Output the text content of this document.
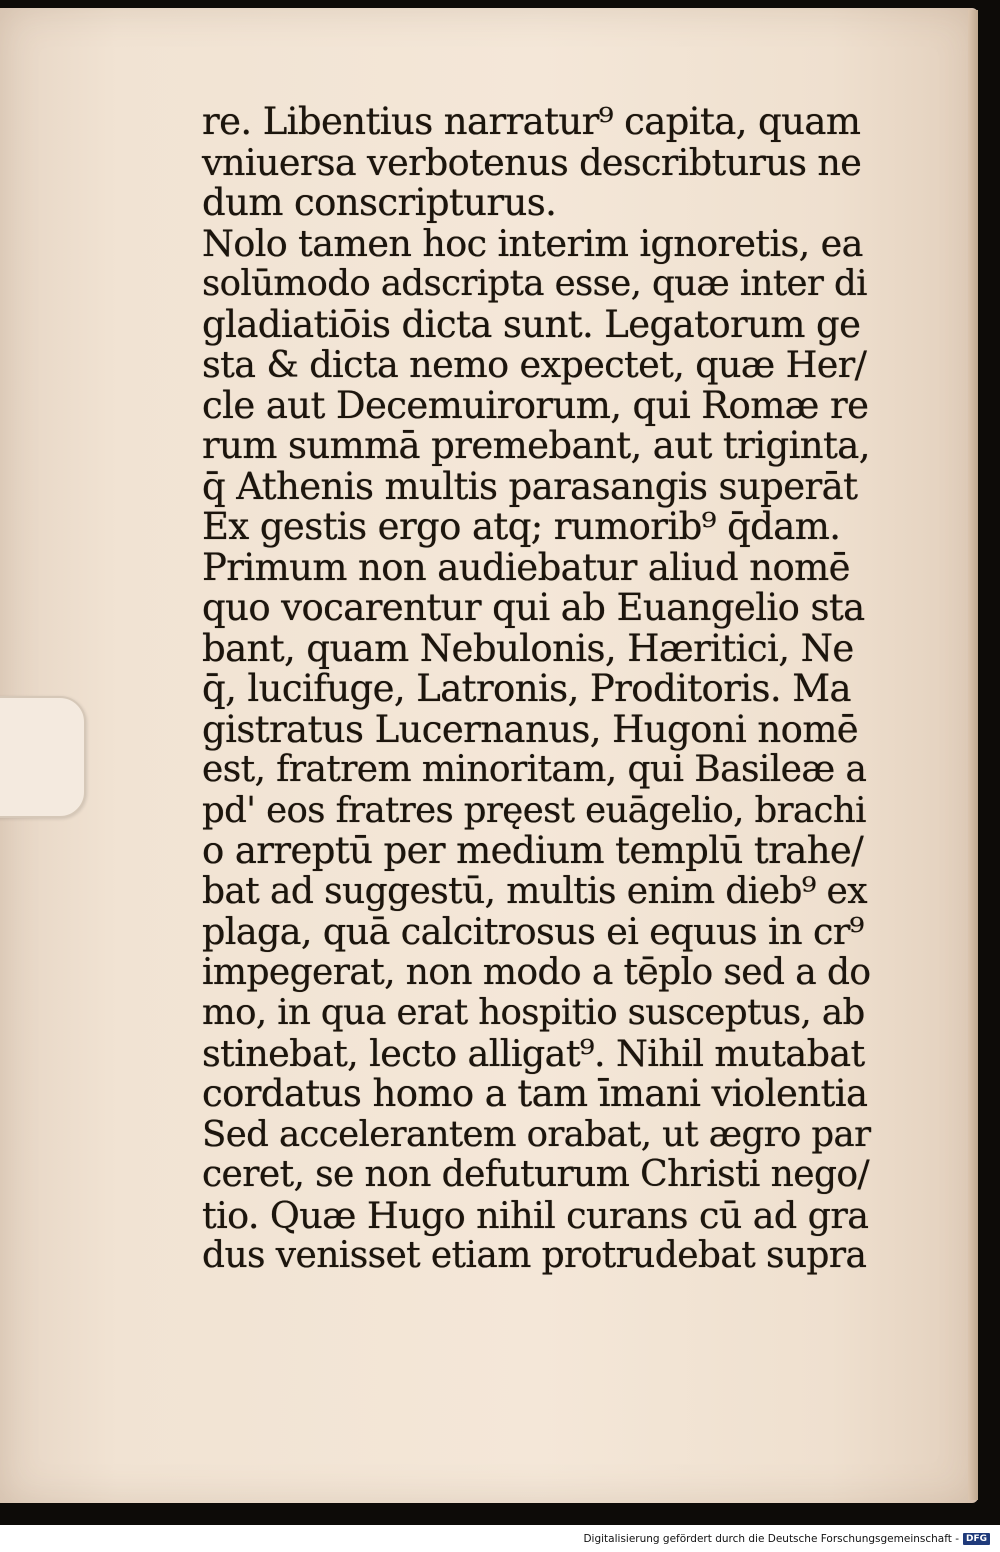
re. Libentius narratur⁹ capita, quam
vniuersa verbotenus describturus ne
dum conscripturus.
Nolo tamen hoc interim ignoretis, ea
solūmodo adscripta esse, quæ inter di
gladiatiōis dicta sunt. Legatorum ge
sta & dicta nemo expectet, quæ Her/
cle aut Decemuirorum, qui Romæ re
rum summā premebant, aut triginta,
q̄ Athenis multis parasangis superāt
Ex gestis ergo atq; rumorib⁹ q̄dam.
Primum non audiebatur aliud nomē
quo vocarentur qui ab Euangelio sta
bant, quam Nebulonis, Hæritici, Ne
q̄, lucifuge, Latronis, Proditoris. Ma
gistratus Lucernanus, Hugoni nomē
est, fratrem minoritam, qui Basileæ a
pd' eos fratres pręest euāgelio, brachi
o arreptū per medium templū trahe/
bat ad suggestū, multis enim dieb⁹ ex
plaga, quā calcitrosus ei equus in cr⁹
impegerat, non modo a tēplo sed a do
mo, in qua erat hospitio susceptus, ab
stinebat, lecto alligat⁹. Nihil mutabat
cordatus homo a tam īmani violentia
Sed accelerantem orabat, ut ægro par
ceret, se non defuturum Christi nego/
tio. Quæ Hugo nihil curans cū ad gra
dus venisset etiam protrudebat supra
Digitalisierung gefördert durch die Deutsche Forschungsgemeinschaft - DFG
